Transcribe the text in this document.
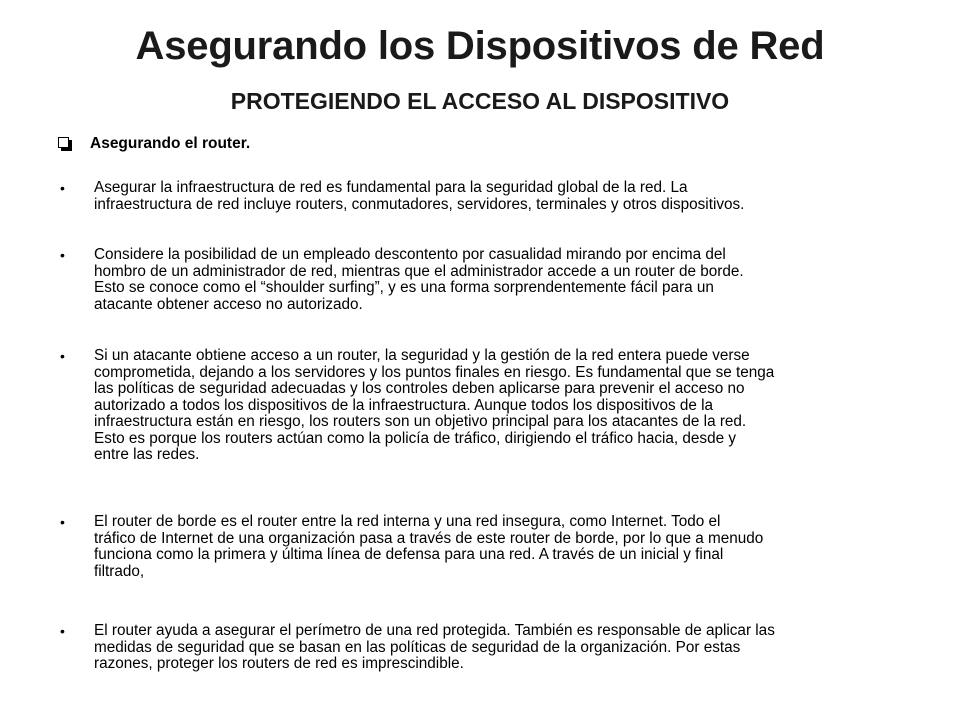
Asegurando los Dispositivos de Red
PROTEGIENDO EL ACCESO AL DISPOSITIVO
Asegurando el router.
•	Asegurar la infraestructura de red es fundamental para la seguridad global de la red. La
infraestructura de red incluye routers, conmutadores, servidores, terminales y otros dispositivos.
•	Considere la posibilidad de un empleado descontento por casualidad mirando por encima del
hombro de un administrador de red, mientras que el administrador accede a un router de borde.
Esto se conoce como el “shoulder surfing”, y es una forma sorprendentemente fácil para un
atacante obtener acceso no autorizado.
•	Si un atacante obtiene acceso a un router, la seguridad y la gestión de la red entera puede verse
comprometida, dejando a los servidores y los puntos finales en riesgo. Es fundamental que se tenga
las políticas de seguridad adecuadas y los controles deben aplicarse para prevenir el acceso no
autorizado a todos los dispositivos de la infraestructura. Aunque todos los dispositivos de la
infraestructura están en riesgo, los routers son un objetivo principal para los atacantes de la red.
Esto es porque los routers actúan como la policía de tráfico, dirigiendo el tráfico hacia, desde y
entre las redes.
•	El router de borde es el router entre la red interna y una red insegura, como Internet. Todo el
tráfico de Internet de una organización pasa a través de este router de borde, por lo que a menudo
funciona como la primera y última línea de defensa para una red. A través de un inicial y final
filtrado,
•	El router ayuda a asegurar el perímetro de una red protegida. También es responsable de aplicar las
medidas de seguridad que se basan en las políticas de seguridad de la organización. Por estas
razones, proteger los routers de red es imprescindible.
